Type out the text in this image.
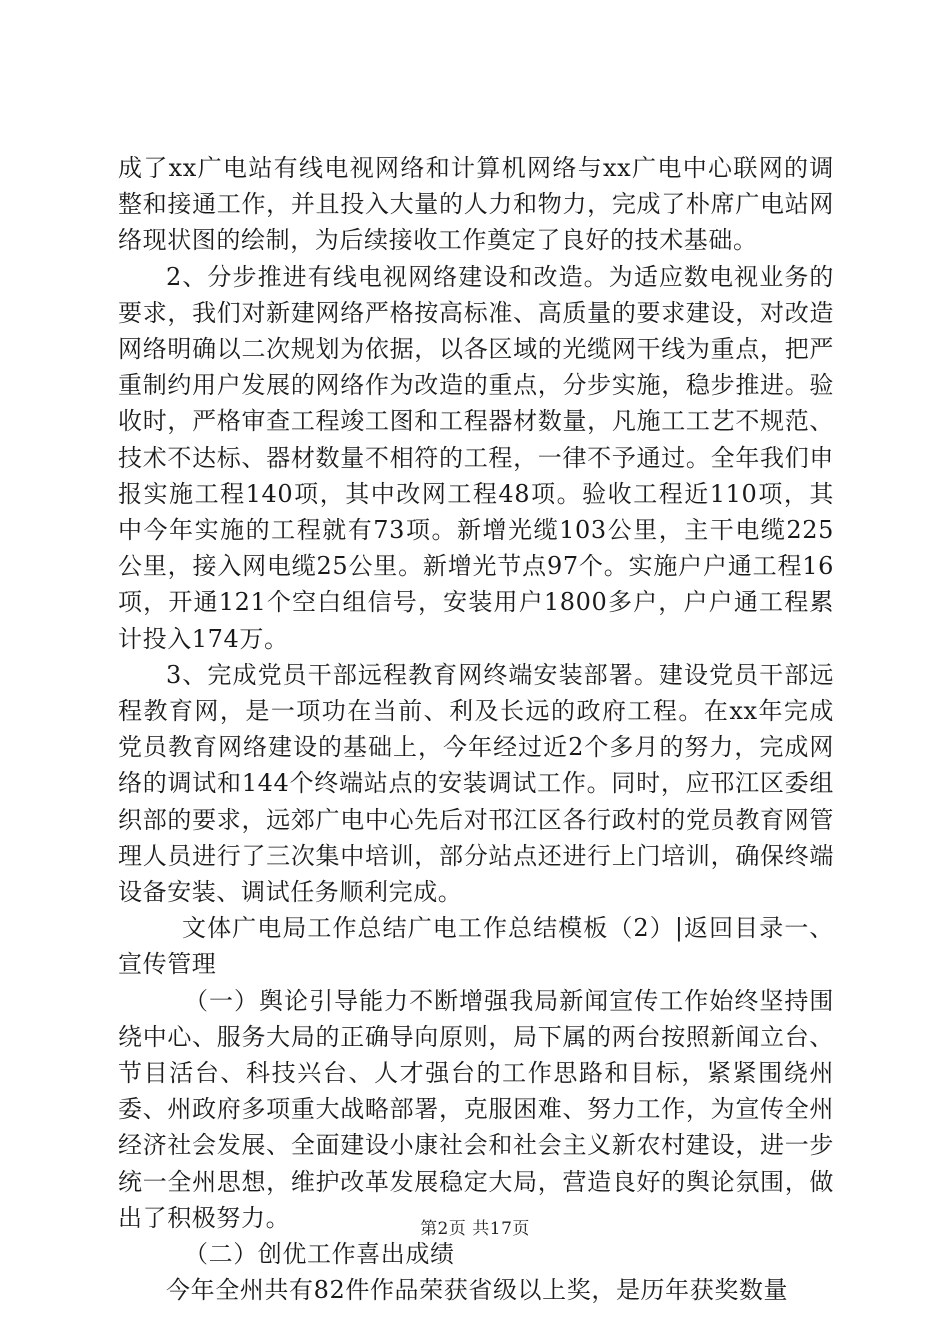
成了xx广电站有线电视网络和计算机网络与xx广电中心联网的调整和接通工作，并且投入大量的人力和物力，完成了朴席广电站网络现状图的绘制，为后续接收工作奠定了良好的技术基础。

2、分步推进有线电视网络建设和改造。为适应数电视业务的要求，我们对新建网络严格按高标准、高质量的要求建设，对改造网络明确以二次规划为依据，以各区域的光缆网干线为重点，把严重制约用户发展的网络作为改造的重点，分步实施，稳步推进。验收时，严格审查工程竣工图和工程器材数量，凡施工工艺不规范、技术不达标、器材数量不相符的工程，一律不予通过。全年我们申报实施工程140项，其中改网工程48项。验收工程近110项，其中今年实施的工程就有73项。新增光缆103公里，主干电缆225公里，接入网电缆25公里。新增光节点97个。实施户户通工程16项，开通121个空白组信号，安装用户1800多户，户户通工程累计投入174万。

3、完成党员干部远程教育网终端安装部署。建设党员干部远程教育网，是一项功在当前、利及长远的政府工程。在xx年完成党员教育网络建设的基础上，今年经过近2个多月的努力，完成网络的调试和144个终端站点的安装调试工作。同时，应邗江区委组织部的要求，远郊广电中心先后对邗江区各行政村的党员教育网管理人员进行了三次集中培训，部分站点还进行上门培训，确保终端设备安装、调试任务顺利完成。

文体广电局工作总结广电工作总结模板（2）|返回目录一、宣传管理

（一）舆论引导能力不断增强我局新闻宣传工作始终坚持围绕中心、服务大局的正确导向原则，局下属的两台按照新闻立台、节目活台、科技兴台、人才强台的工作思路和目标，紧紧围绕州委、州政府多项重大战略部署，克服困难、努力工作，为宣传全州经济社会发展、全面建设小康社会和社会主义新农村建设，进一步统一全州思想，维护改革发展稳定大局，营造良好的舆论氛围，做出了积极努力。

（二）创优工作喜出成绩

今年全州共有82件作品荣获省级以上奖，是历年获奖数量

第2页 共17页
